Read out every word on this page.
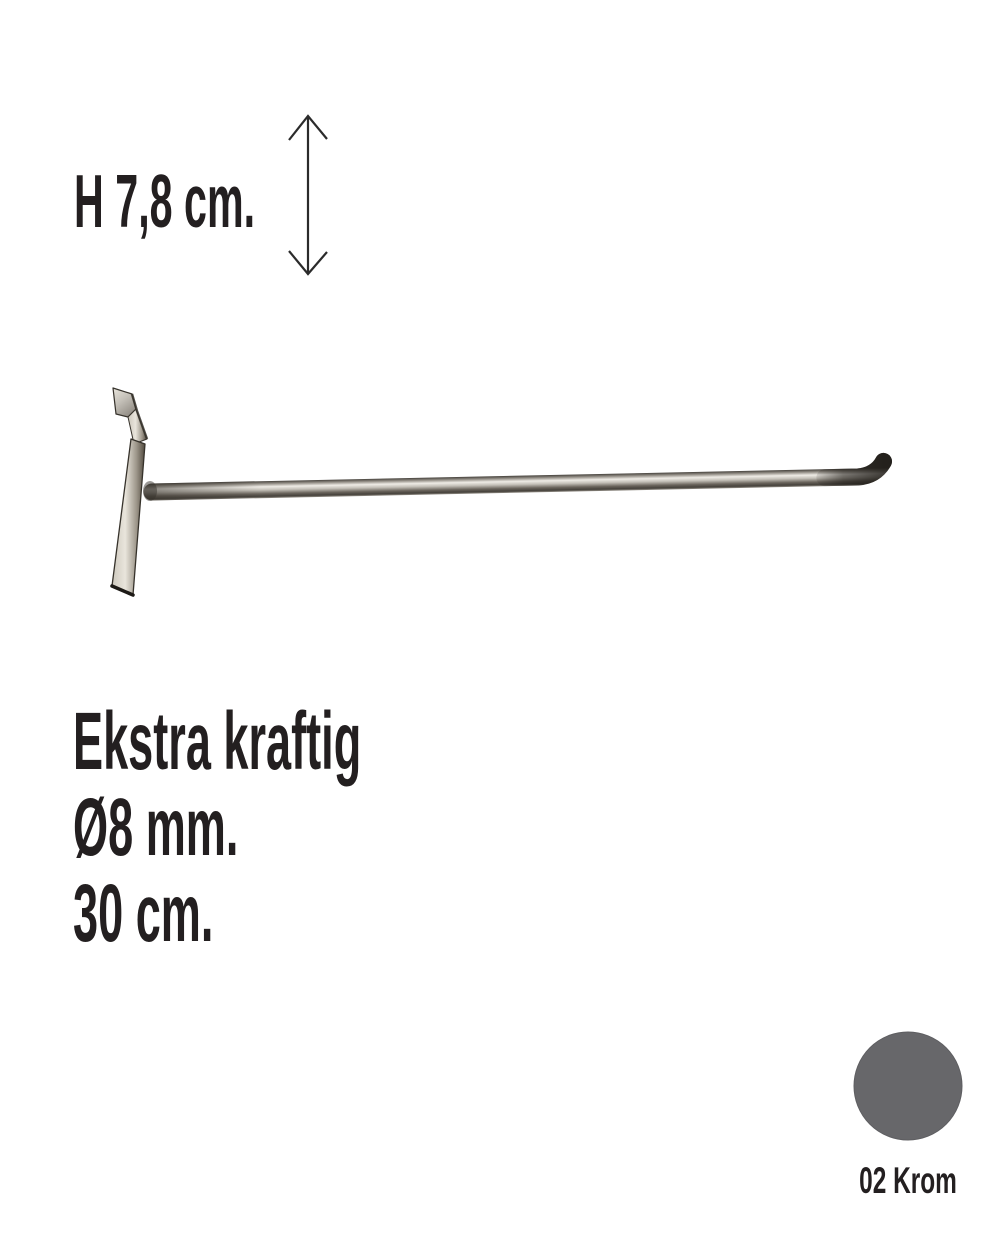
H 7,8 cm.
Ekstra kraftig
Ø8 mm.
30 cm.
02 Krom
